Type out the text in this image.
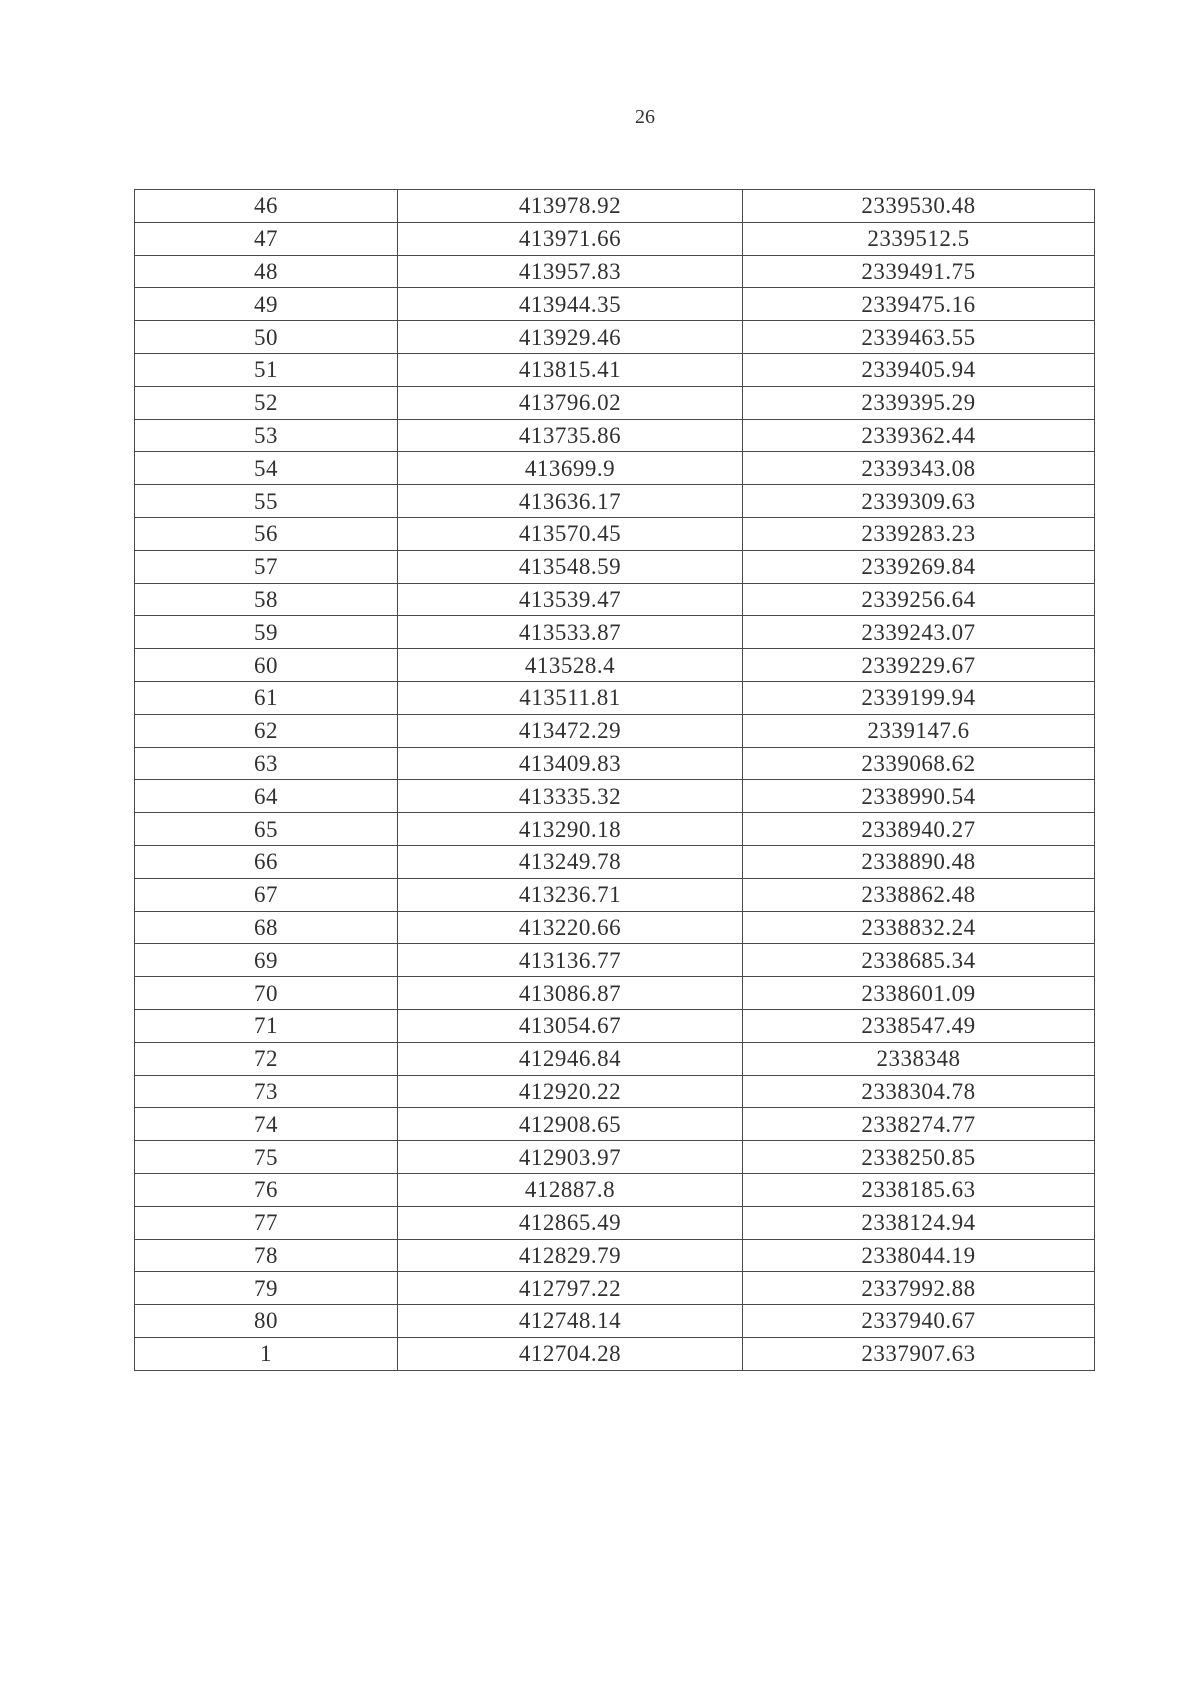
26
46	413978.92	2339530.48
47	413971.66	2339512.5
48	413957.83	2339491.75
49	413944.35	2339475.16
50	413929.46	2339463.55
51	413815.41	2339405.94
52	413796.02	2339395.29
53	413735.86	2339362.44
54	413699.9	2339343.08
55	413636.17	2339309.63
56	413570.45	2339283.23
57	413548.59	2339269.84
58	413539.47	2339256.64
59	413533.87	2339243.07
60	413528.4	2339229.67
61	413511.81	2339199.94
62	413472.29	2339147.6
63	413409.83	2339068.62
64	413335.32	2338990.54
65	413290.18	2338940.27
66	413249.78	2338890.48
67	413236.71	2338862.48
68	413220.66	2338832.24
69	413136.77	2338685.34
70	413086.87	2338601.09
71	413054.67	2338547.49
72	412946.84	2338348
73	412920.22	2338304.78
74	412908.65	2338274.77
75	412903.97	2338250.85
76	412887.8	2338185.63
77	412865.49	2338124.94
78	412829.79	2338044.19
79	412797.22	2337992.88
80	412748.14	2337940.67
1	412704.28	2337907.63
